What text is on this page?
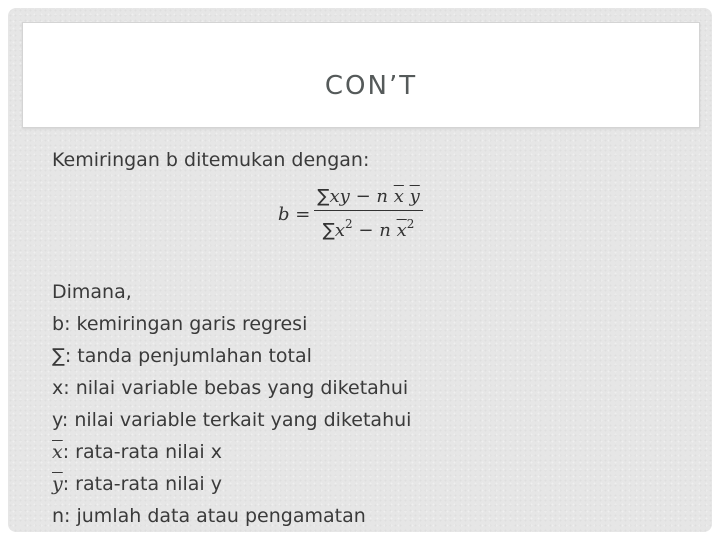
CON’T
Kemiringan b ditemukan dengan:
$b = \frac{\sum xy - n \overline{x} \overline{y}}{\sum x^2 - n \overline{x}^2}$
Dimana,
b: kemiringan garis regresi
∑: tanda penjumlahan total
x: nilai variable bebas yang diketahui
y: nilai variable terkait yang diketahui
$\overline{x}$: rata-rata nilai x
$\overline{y}$: rata-rata nilai y
n: jumlah data atau pengamatan
